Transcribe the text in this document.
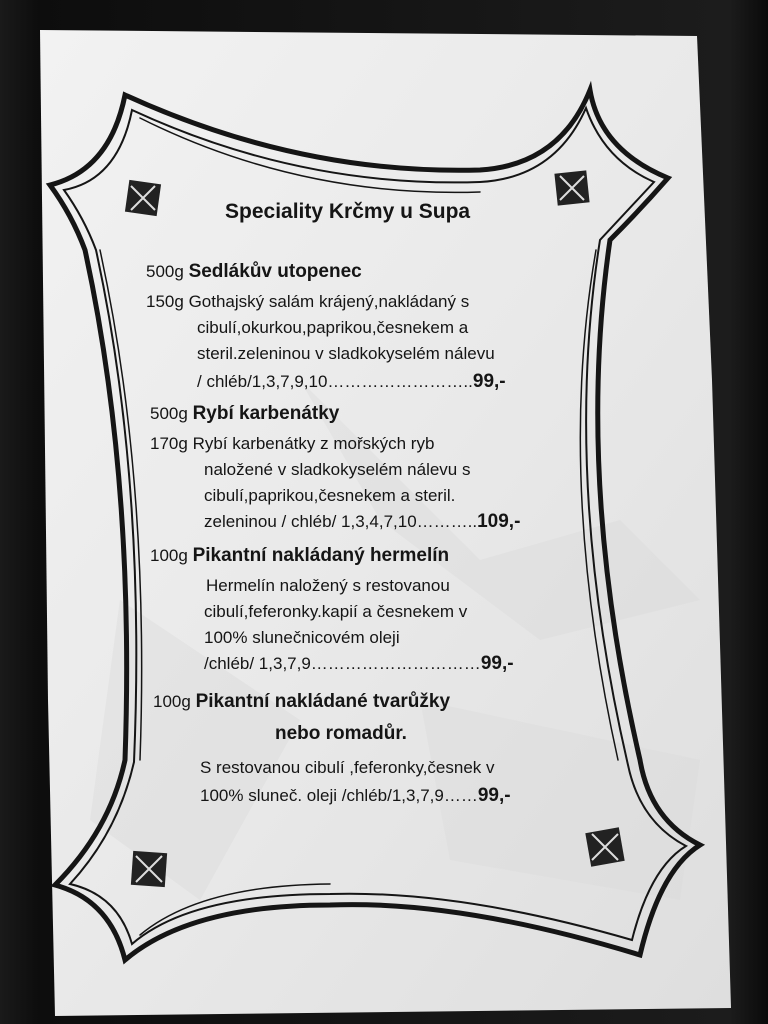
Speciality Krčmy u Supa
500g Sedlákův utopenec
150g Gothajský salám krájený,nakládaný s
cibulí,okurkou,paprikou,česnekem a
steril.zeleninou v sladkokyselém nálevu
/ chléb/1,3,7,9,10……………………..99,-
500g Rybí karbenátky
170g Rybí karbenátky z mořských ryb
naložené v sladkokyselém nálevu s
cibulí,paprikou,česnekem a steril.
zeleninou / chléb/ 1,3,4,7,10………..109,-
100g Pikantní nakládaný hermelín
Hermelín naložený s restovanou
cibulí,feferonky.kapií a česnekem v
100% slunečnicovém oleji
/chléb/ 1,3,7,9…………………………99,-
100g Pikantní nakládané tvarůžky
nebo romadůr.
S restovanou cibulí ,feferonky,česnek v
100% sluneč. oleji /chléb/1,3,7,9……99,-
